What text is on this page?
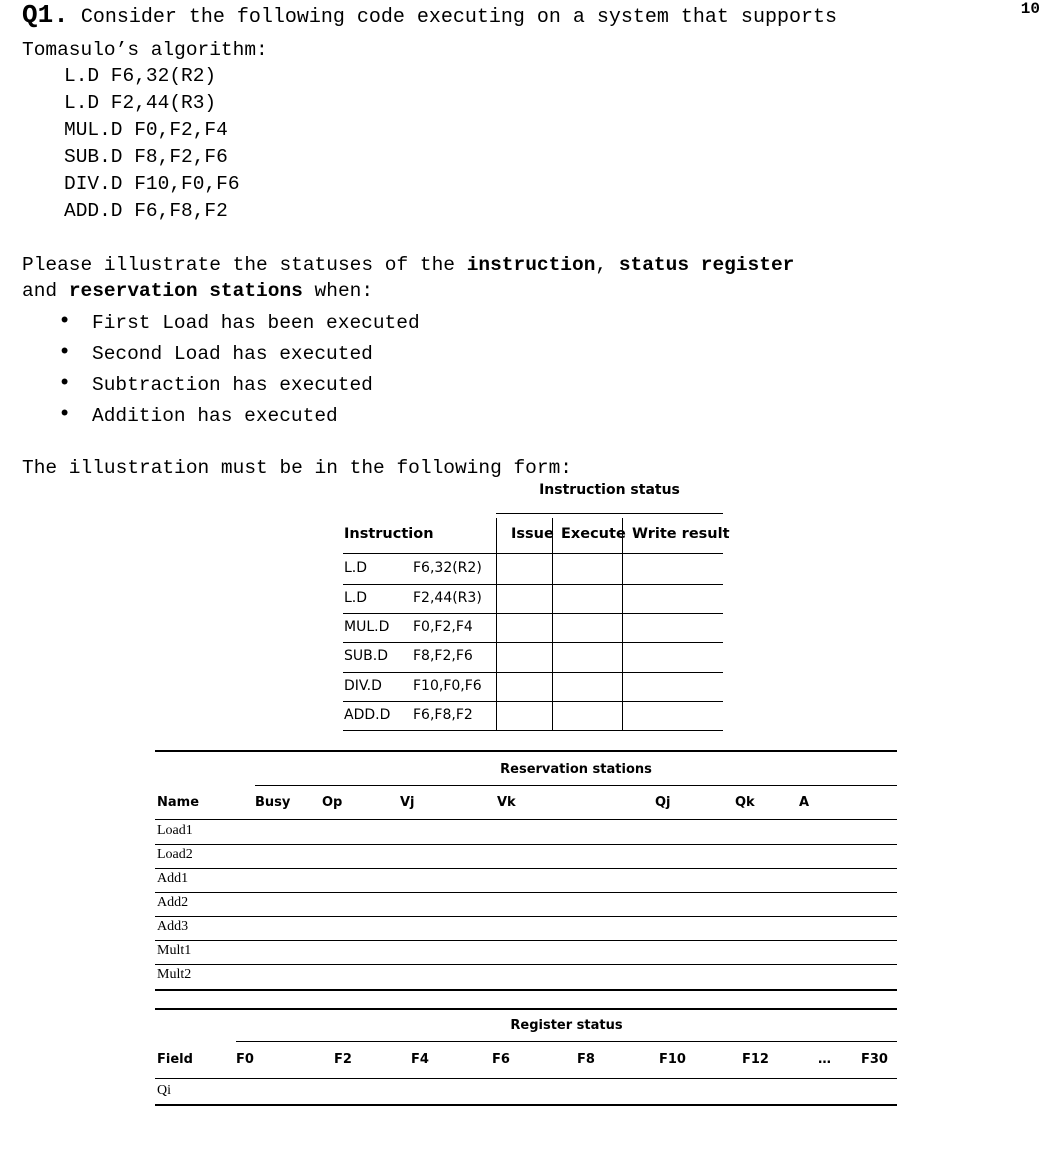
Q1. Consider the following code executing on a system that supports	10
Tomasulo’s algorithm:
L.D F6,32(R2)
L.D F2,44(R3)
MUL.D F0,F2,F4
SUB.D F8,F2,F6
DIV.D F10,F0,F6
ADD.D F6,F8,F2
Please illustrate the statuses of the instruction, status register
and reservation stations when:
• First Load has been executed
• Second Load has executed
• Subtraction has executed
• Addition has executed
The illustration must be in the following form:
Instruction status
Instruction	Issue Execute Write result
L.D	F6,32(R2)
L.D	F2,44(R3)
MUL.D F0,F2,F4
SUB.D F8,F2,F6
DIV.D F10,F0,F6
ADD.D F6,F8,F2
Reservation stations
Name	Busy Op	Vj	Vk	Qj	Qk	A
Load1
Load2
Add1
Add2
Add3
Mult1
Mult2
Register status
Field	F0	F2	F4	F6	F8	F10	F12	… F30
Qi
